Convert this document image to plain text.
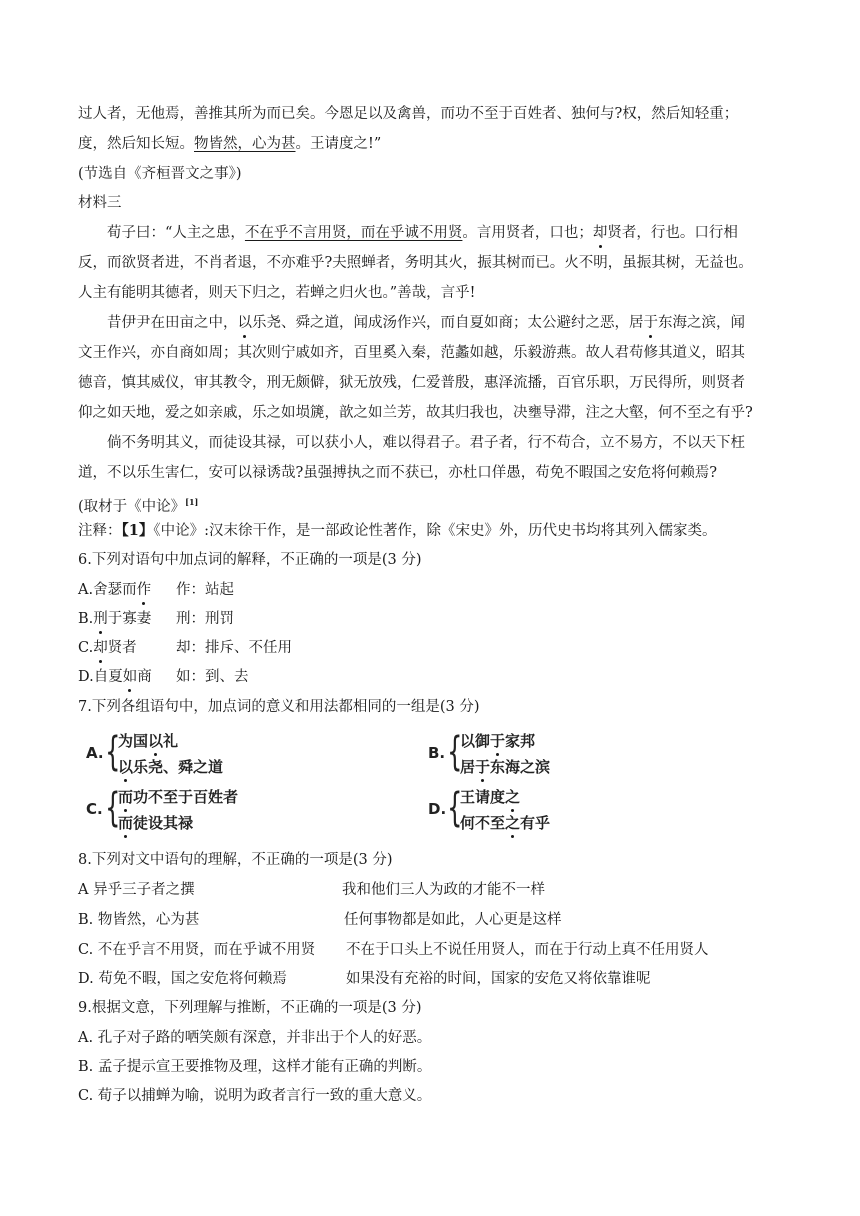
过人者，无他焉，善推其所为而已矣。今恩足以及禽兽，而功不至于百姓者、独何与?权，然后知轻重；
度，然后知长短。物皆然，心为甚。王请度之!”
(节选自《齐桓晋文之事》)
材料三
荀子曰：“人主之患，不在乎不言用贤，而在乎诚不用贤。言用贤者，口也；却贤者，行也。口行相
反，而欲贤者进，不肖者退，不亦难乎?夫照蝉者，务明其火，振其树而已。火不明，虽振其树，无益也。
人主有能明其德者，则天下归之，若蝉之归火也。”善哉，言乎!
昔伊尹在田亩之中，以乐尧、舜之道，闻成汤作兴，而自夏如商；太公避纣之恶，居于东海之滨，闻
文王作兴，亦自商如周；其次则宁戚如齐，百里奚入秦，范蠡如越，乐毅游燕。故人君苟修其道义，昭其
德音，慎其威仪，审其教令，刑无颇僻，狱无放残，仁爱普殷，惠泽流播，百官乐职，万民得所，则贤者
仰之如天地，爱之如亲戚，乐之如埙篪，歆之如兰芳，故其归我也，决壅导滞，注之大壑，何不至之有乎?
倘不务明其义，而徒设其禄，可以获小人，难以得君子。君子者，行不苟合，立不易方，不以天下枉
道，不以乐生害仁，安可以禄诱哉?虽强搏执之而不获已，亦杜口佯愚，苟免不暇国之安危将何赖焉?
(取材于《中论》[1]
注释：【1】《中论》:汉末徐干作，是一部政论性著作，除《宋史》外，历代史书均将其列入儒家类。
6.下列对语句中加点词的解释，不正确的一项是(3 分)
A.舍瑟而作 作：站起
B.刑于寡妻 刑：刑罚
C.却贤者	却：排斥、不任用
D.自夏如商 如：到、去
7.下列各组语句中，加点词的意义和用法都相同的一组是(3 分)
A. {
为国以礼
以乐尧、舜之道
B. {
以御于家邦
居于东海之滨
C. {
而功不至于百姓者
而徒设其禄
D. {
王请度之
何不至之有乎
8.下列对文中语句的理解，不正确的一项是(3 分)
A 异乎三子者之撰	我和他们三人为政的才能不一样
B. 物皆然，心为甚	任何事物都是如此，人心更是这样
C. 不在乎言不用贤，而在乎诚不用贤 不在于口头上不说任用贤人，而在于行动上真不任用贤人
D. 苟免不暇，国之安危将何赖焉	如果没有充裕的时间，国家的安危又将依靠谁呢
9.根据文意，下列理解与推断，不正确的一项是(3 分)
A. 孔子对子路的哂笑颇有深意，并非出于个人的好恶。
B. 孟子提示宣王要推物及理，这样才能有正确的判断。
C. 荀子以捕蝉为喻，说明为政者言行一致的重大意义。
